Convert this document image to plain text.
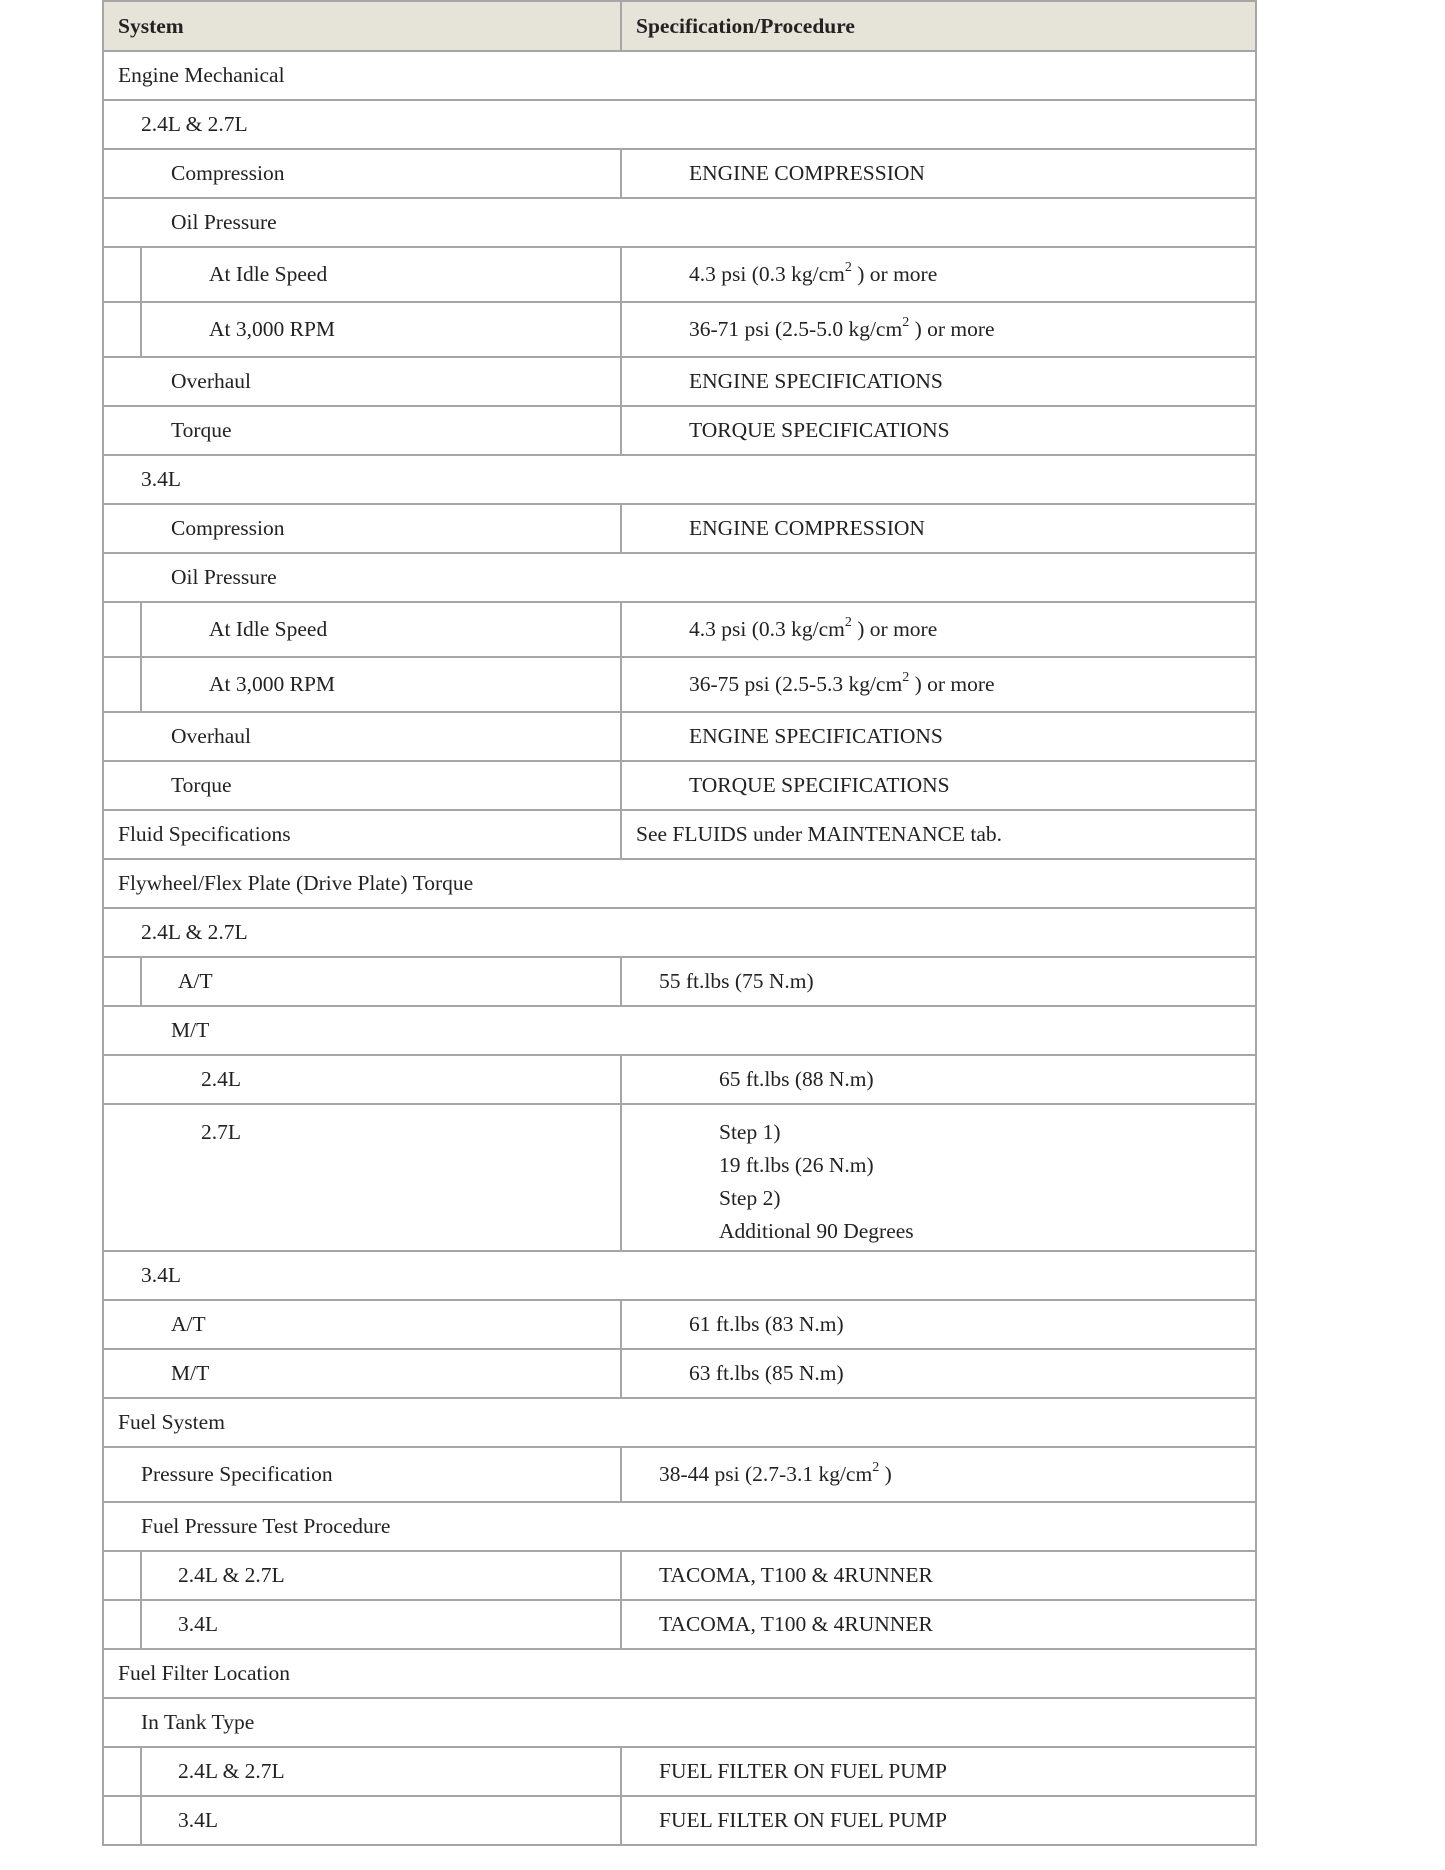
System		Specification/Procedure

Engine Mechanical		

2.4L & 2.7L		

Compression		ENGINE COMPRESSION

Oil Pressure		

	At Idle Speed	4.3 psi (0.3 $kg/cm^2$ ) or more

	At 3,000 RPM	36-71 psi (2.5-5.0 $kg/cm^2$ ) or more

Overhaul		ENGINE SPECIFICATIONS

Torque		TORQUE SPECIFICATIONS

3.4L		

Compression		ENGINE COMPRESSION

Oil Pressure		

	At Idle Speed	4.3 psi (0.3 $kg/cm^2$ ) or more

	At 3,000 RPM	36-75 psi (2.5-5.3 $kg/cm^2$ ) or more

Overhaul		ENGINE SPECIFICATIONS

Torque		TORQUE SPECIFICATIONS

Fluid Specifications		See FLUIDS under MAINTENANCE tab.

Flywheel/Flex Plate (Drive Plate) Torque		

2.4L & 2.7L		

	A/T	55 ft.lbs (75 N.m)

M/T		

2.4L		65 ft.lbs (88 N.m)

2.7L		Step 1)
19 ft.lbs (26 N.m)
Step 2)
Additional 90 Degrees

3.4L		

A/T		61 ft.lbs (83 N.m)

M/T		63 ft.lbs (85 N.m)

Fuel System		

Pressure Specification		38-44 psi (2.7-3.1 $kg/cm^2$ )

Fuel Pressure Test Procedure		

	2.4L & 2.7L	TACOMA, T100 & 4RUNNER

	3.4L	TACOMA, T100 & 4RUNNER

Fuel Filter Location		

In Tank Type		

	2.4L & 2.7L	FUEL FILTER ON FUEL PUMP

	3.4L	FUEL FILTER ON FUEL PUMP
